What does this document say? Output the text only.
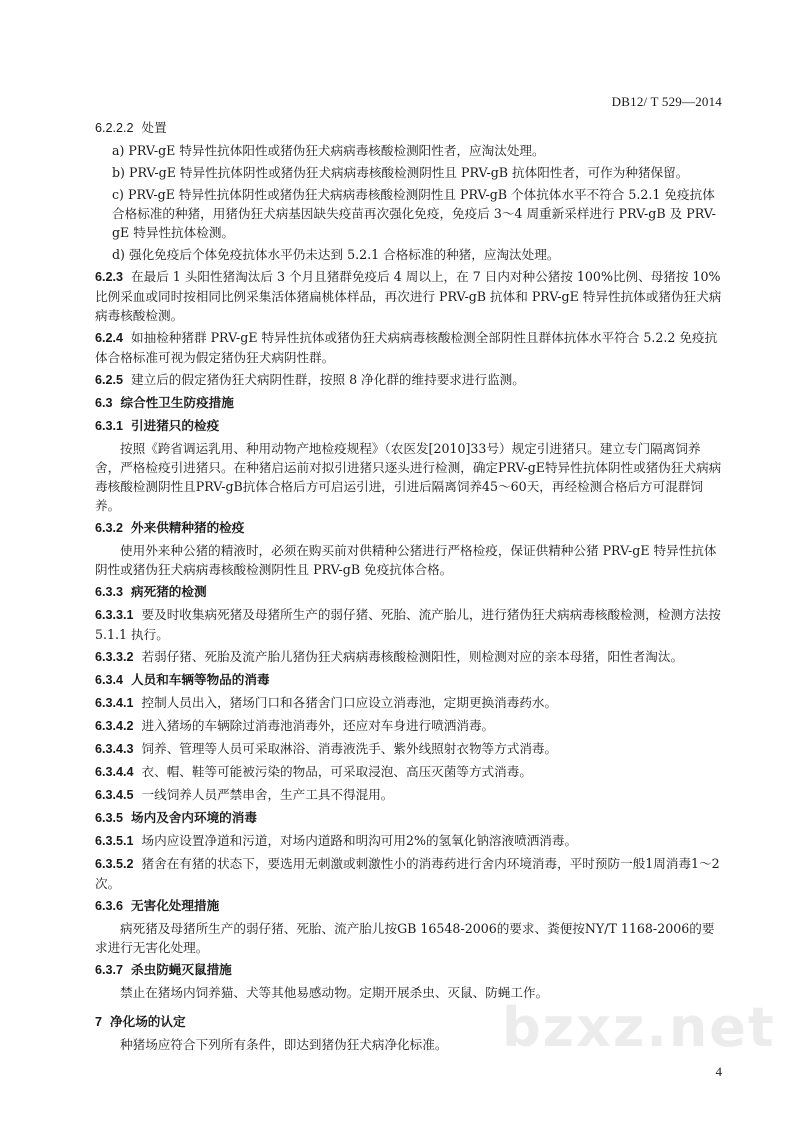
DB12/ T 529—2014

6.2.2.2 处置

a) PRV-gE 特异性抗体阳性或猪伪狂犬病病毒核酸检测阳性者，应淘汰处理。

b) PRV-gE 特异性抗体阴性或猪伪狂犬病病毒核酸检测阴性且 PRV-gB 抗体阳性者，可作为种猪保留。

c) PRV-gE 特异性抗体阴性或猪伪狂犬病病毒核酸检测阴性且 PRV-gB 个体抗体水平不符合 5.2.1 免疫抗体合格标准的种猪，用猪伪狂犬病基因缺失疫苗再次强化免疫，免疫后 3～4 周重新采样进行 PRV-gB 及 PRV-gE 特异性抗体检测。

d) 强化免疫后个体免疫抗体水平仍未达到 5.2.1 合格标准的种猪，应淘汰处理。

6.2.3 在最后 1 头阳性猪淘汰后 3 个月且猪群免疫后 4 周以上，在 7 日内对种公猪按 100%比例、母猪按 10%比例采血或同时按相同比例采集活体猪扁桃体样品，再次进行 PRV-gB 抗体和 PRV-gE 特异性抗体或猪伪狂犬病病毒核酸检测。

6.2.4 如抽检种猪群 PRV-gE 特异性抗体或猪伪狂犬病病毒核酸检测全部阴性且群体抗体水平符合 5.2.2 免疫抗体合格标准可视为假定猪伪狂犬病阴性群。

6.2.5 建立后的假定猪伪狂犬病阴性群，按照 8 净化群的维持要求进行监测。

6.3 综合性卫生防疫措施

6.3.1 引进猪只的检疫

按照《跨省调运乳用、种用动物产地检疫规程》（农医发[2010]33号）规定引进猪只。建立专门隔离饲养舍，严格检疫引进猪只。在种猪启运前对拟引进猪只逐头进行检测，确定PRV-gE特异性抗体阴性或猪伪狂犬病病毒核酸检测阴性且PRV-gB抗体合格后方可启运引进，引进后隔离饲养45～60天，再经检测合格后方可混群饲养。

6.3.2 外来供精种猪的检疫

使用外来种公猪的精液时，必须在购买前对供精种公猪进行严格检疫，保证供精种公猪 PRV-gE 特异性抗体阴性或猪伪狂犬病病毒核酸检测阴性且 PRV-gB 免疫抗体合格。

6.3.3 病死猪的检测

6.3.3.1 要及时收集病死猪及母猪所生产的弱仔猪、死胎、流产胎儿，进行猪伪狂犬病病毒核酸检测，检测方法按 5.1.1 执行。

6.3.3.2 若弱仔猪、死胎及流产胎儿猪伪狂犬病病毒核酸检测阳性，则检测对应的亲本母猪，阳性者淘汰。

6.3.4 人员和车辆等物品的消毒

6.3.4.1 控制人员出入，猪场门口和各猪舍门口应设立消毒池，定期更换消毒药水。

6.3.4.2 进入猪场的车辆除过消毒池消毒外，还应对车身进行喷洒消毒。

6.3.4.3 饲养、管理等人员可采取淋浴、消毒液洗手、紫外线照射衣物等方式消毒。

6.3.4.4 衣、帽、鞋等可能被污染的物品，可采取浸泡、高压灭菌等方式消毒。

6.3.4.5 一线饲养人员严禁串舍，生产工具不得混用。

6.3.5 场内及舍内环境的消毒

6.3.5.1 场内应设置净道和污道，对场内道路和明沟可用2%的氢氧化钠溶液喷洒消毒。

6.3.5.2 猪舍在有猪的状态下，要选用无刺激或刺激性小的消毒药进行舍内环境消毒，平时预防一般1周消毒1～2次。

6.3.6 无害化处理措施

病死猪及母猪所生产的弱仔猪、死胎、流产胎儿按GB 16548-2006的要求、粪便按NY/T 1168-2006的要求进行无害化处理。

6.3.7 杀虫防蝇灭鼠措施

禁止在猪场内饲养猫、犬等其他易感动物。定期开展杀虫、灭鼠、防蝇工作。

7 净化场的认定

种猪场应符合下列所有条件，即达到猪伪狂犬病净化标准。	bzxz.net
4
